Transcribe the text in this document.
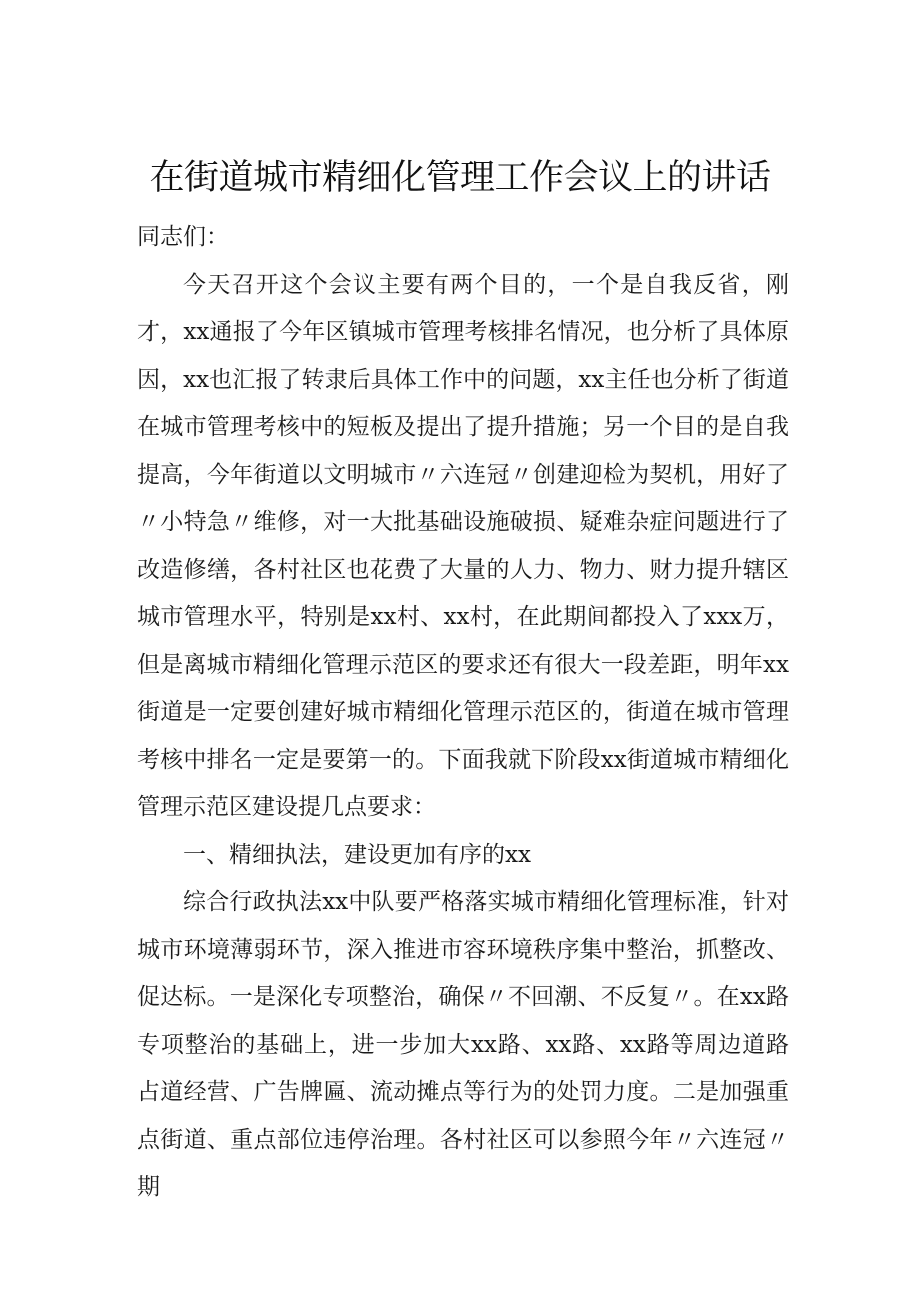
在街道城市精细化管理工作会议上的讲话

同志们：

今天召开这个会议主要有两个目的，一个是自我反省，刚才，xx通报了今年区镇城市管理考核排名情况，也分析了具体原因，xx也汇报了转隶后具体工作中的问题，xx主任也分析了街道在城市管理考核中的短板及提出了提升措施；另一个目的是自我提高，今年街道以文明城市〃六连冠〃创建迎检为契机，用好了〃小特急〃维修，对一大批基础设施破损、疑难杂症问题进行了改造修缮，各村社区也花费了大量的人力、物力、财力提升辖区城市管理水平，特别是xx村、xx村，在此期间都投入了xxx万，但是离城市精细化管理示范区的要求还有很大一段差距，明年xx街道是一定要创建好城市精细化管理示范区的，街道在城市管理考核中排名一定是要第一的。下面我就下阶段xx街道城市精细化管理示范区建设提几点要求：

一、精细执法，建设更加有序的xx

综合行政执法xx中队要严格落实城市精细化管理标准，针对城市环境薄弱环节，深入推进市容环境秩序集中整治，抓整改、促达标。一是深化专项整治，确保〃不回潮、不反复〃。在xx路专项整治的基础上，进一步加大xx路、xx路、xx路等周边道路占道经营、广告牌匾、流动摊点等行为的处罚力度。二是加强重点街道、重点部位违停治理。各村社区可以参照今年〃六连冠〃期
